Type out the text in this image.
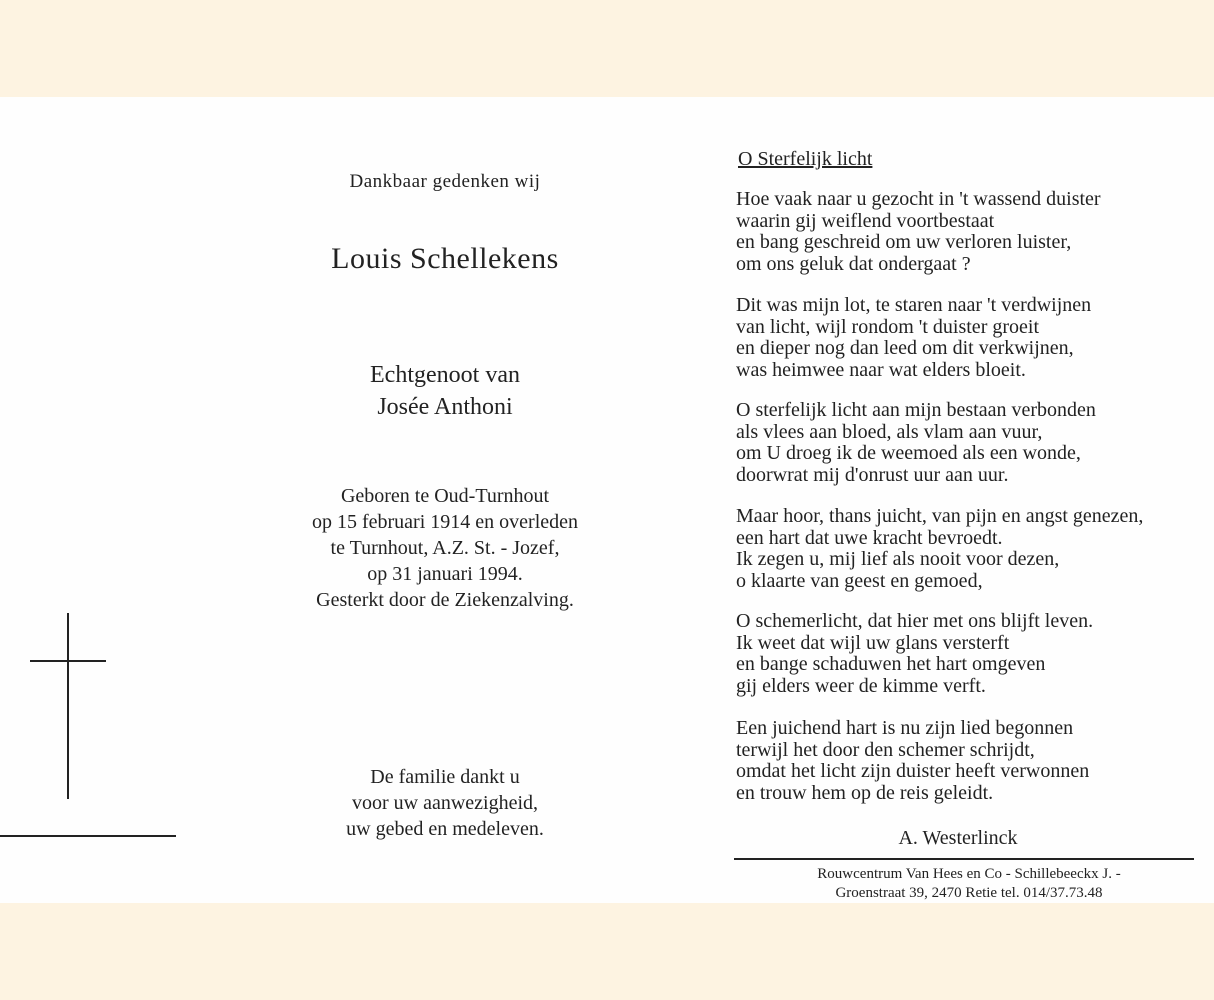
Dankbaar gedenken wij
Louis Schellekens
Echtgenoot van
Josée Anthoni
Geboren te Oud-Turnhout
op 15 februari 1914 en overleden
te Turnhout, A.Z. St. - Jozef,
op 31 januari 1994.
Gesterkt door de Ziekenzalving.
De familie dankt u
voor uw aanwezigheid,
uw gebed en medeleven.
O Sterfelijk licht
Hoe vaak naar u gezocht in 't wassend duister
waarin gij weiflend voortbestaat
en bang geschreid om uw verloren luister,
om ons geluk dat ondergaat ?
Dit was mijn lot, te staren naar 't verdwijnen
van licht, wijl rondom 't duister groeit
en dieper nog dan leed om dit verkwijnen,
was heimwee naar wat elders bloeit.
O sterfelijk licht aan mijn bestaan verbonden
als vlees aan bloed, als vlam aan vuur,
om U droeg ik de weemoed als een wonde,
doorwrat mij d'onrust uur aan uur.
Maar hoor, thans juicht, van pijn en angst genezen,
een hart dat uwe kracht bevroedt.
Ik zegen u, mij lief als nooit voor dezen,
o klaarte van geest en gemoed,
O schemerlicht, dat hier met ons blijft leven.
Ik weet dat wijl uw glans versterft
en bange schaduwen het hart omgeven
gij elders weer de kimme verft.
Een juichend hart is nu zijn lied begonnen
terwijl het door den schemer schrijdt,
omdat het licht zijn duister heeft verwonnen
en trouw hem op de reis geleidt.
A. Westerlinck
Rouwcentrum Van Hees en Co - Schillebeeckx J. -
Groenstraat 39, 2470 Retie tel. 014/37.73.48
